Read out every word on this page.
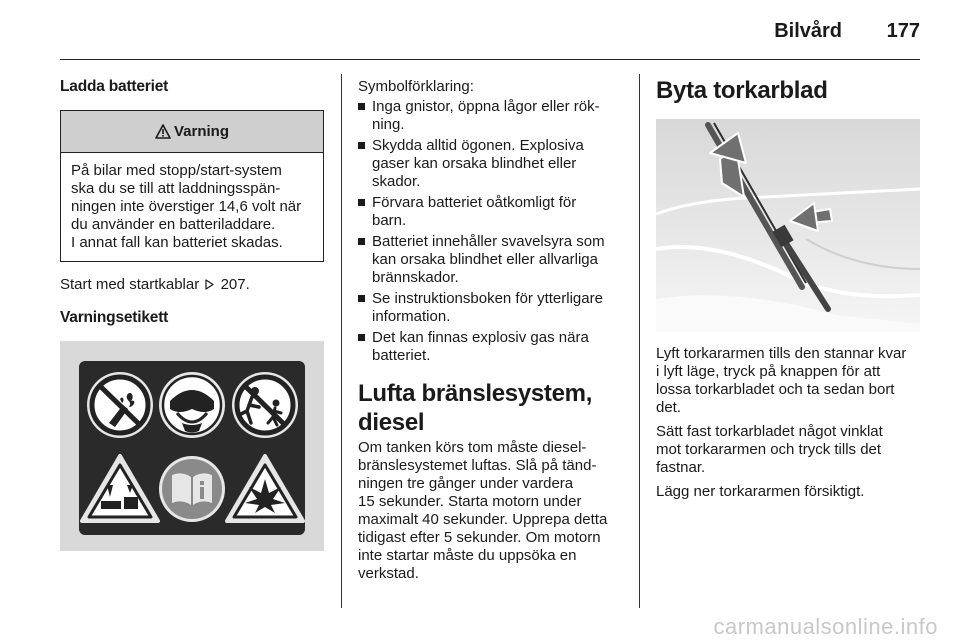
Bilvård 177
Ladda batteriet
Varning
På bilar med stopp/start-system
ska du se till att laddningsspän-
ningen inte överstiger 14,6 volt när
du använder en batteriladdare.
I annat fall kan batteriet skadas.
Start med startkablar 207.
Varningsetikett
Symbolförklaring:
Inga gnistor, öppna lågor eller rök-
ning.
Skydda alltid ögonen. Explosiva
gaser kan orsaka blindhet eller
skador.
Förvara batteriet oåtkomligt för
barn.
Batteriet innehåller svavelsyra som
kan orsaka blindhet eller allvarliga
brännskador.
Se instruktionsboken för ytterligare
information.
Det kan finnas explosiv gas nära
batteriet.
Lufta bränslesystem,
diesel
Om tanken körs tom måste diesel-
bränslesystemet luftas. Slå på tänd-
ningen tre gånger under vardera
15 sekunder. Starta motorn under
maximalt 40 sekunder. Upprepa detta
tidigast efter 5 sekunder. Om motorn
inte startar måste du uppsöka en
verkstad.
Byta torkarblad
Lyft torkararmen tills den stannar kvar
i lyft läge, tryck på knappen för att
lossa torkarbladet och ta sedan bort
det.
Sätt fast torkarbladet något vinklat
mot torkararmen och tryck tills det
fastnar.
Lägg ner torkararmen försiktigt.
carmanualsonline.info
